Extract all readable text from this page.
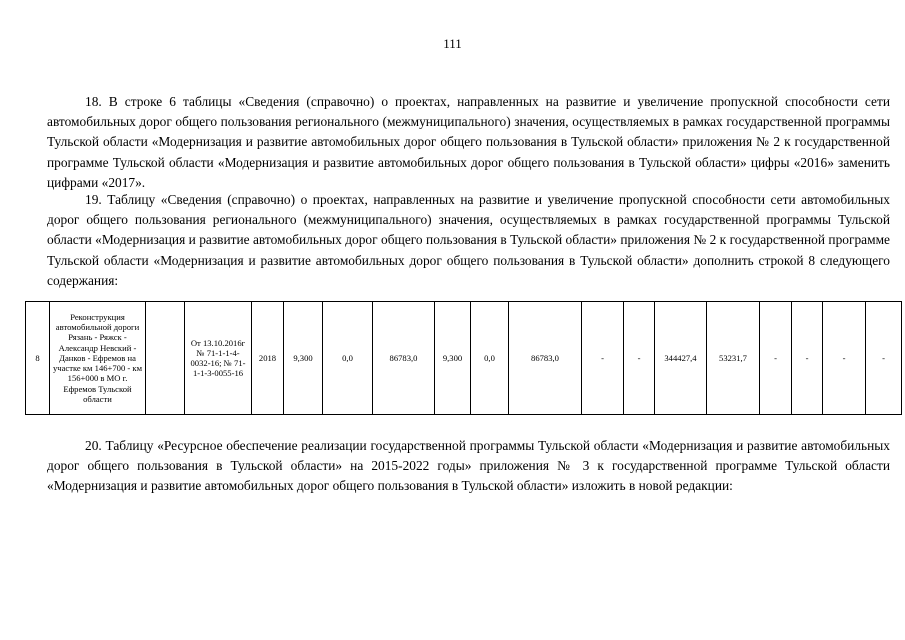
111

18. В строке 6 таблицы «Сведения (справочно) о проектах, направленных на развитие и увеличение пропускной способности сети автомобильных дорог общего пользования регионального (межмуниципального) значения, осуществляемых в рамках государственной программы Тульской области «Модернизация и развитие автомобильных дорог общего пользования в Тульской области» приложения № 2 к государственной программе Тульской области «Модернизация и развитие автомобильных дорог общего пользования в Тульской области» цифры «2016» заменить цифрами «2017».

19. Таблицу «Сведения (справочно) о проектах, направленных на развитие и увеличение пропускной способности сети автомобильных дорог общего пользования регионального (межмуниципального) значения, осуществляемых в рамках государственной программы Тульской области «Модернизация и развитие автомобильных дорог общего пользования в Тульской области» приложения № 2 к государственной программе Тульской области «Модернизация и развитие автомобильных дорог общего пользования в Тульской области» дополнить строкой 8 следующего содержания:

8	Реконструкция автомобильной дороги Рязань - Ряжск - Александр Невский - Данков - Ефремов на участке км 146+700 - км 156+000 в МО г. Ефремов Тульской области		От 13.10.2016г № 71-1-1-4-0032-16; № 71-1-1-3-0055-16	2018	9,300	0,0	86783,0	9,300	0,0	86783,0	-	-	344427,4	53231,7	-	-	-	-

20. Таблицу «Ресурсное обеспечение реализации государственной программы Тульской области «Модернизация и развитие автомобильных дорог общего пользования в Тульской области» на 2015-2022 годы» приложения № 3 к государственной программе Тульской области «Модернизация и развитие автомобильных дорог общего пользования в Тульской области» изложить в новой редакции:
